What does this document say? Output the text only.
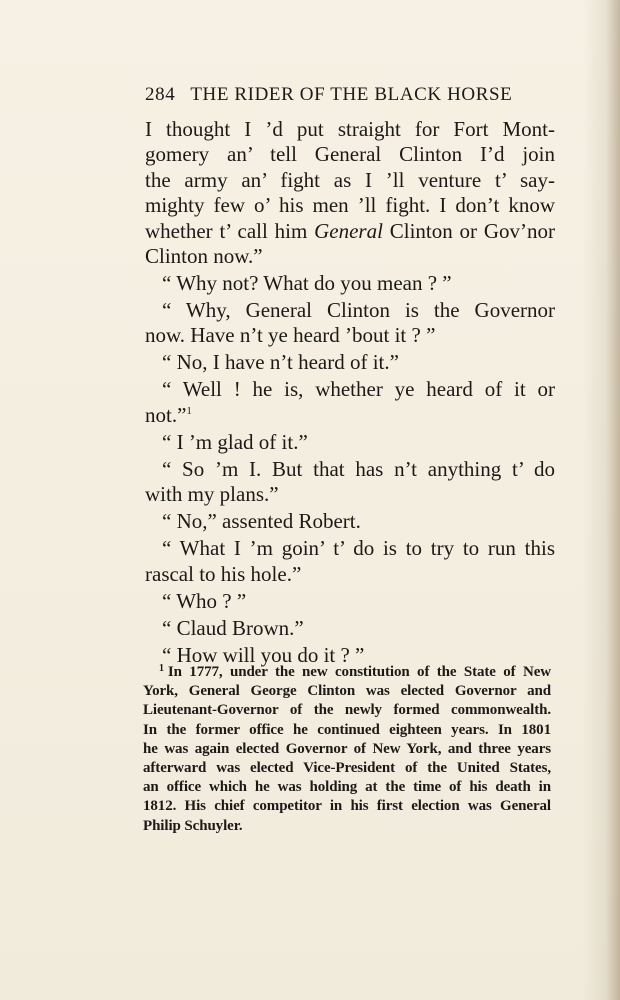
284 THE RIDER OF THE BLACK HORSE
I thought I ’d put straight for Fort Mont-
gomery an’ tell General Clinton I’d join
the army an’ fight as I ’ll venture t’ say-
mighty few o’ his men ’ll fight. I don’t know
whether t’ call him General Clinton or Gov’nor
Clinton now.”
“ Why not? What do you mean ? ”
“ Why, General Clinton is the Governor
now. Have n’t ye heard ’bout it ? ”
“ No, I have n’t heard of it.”
“ Well ! he is, whether ye heard of it or
not.”$^1$
“ I ’m glad of it.”
“ So ’m I. But that has n’t anything t’ do
with my plans.”
“ No,” assented Robert.
“ What I ’m goin’ t’ do is to try to run this
rascal to his hole.”
“ Who ? ”
“ Claud Brown.”
“ How will you do it ? ”
$^1$ In 1777, under the new constitution of the State of New
York, General George Clinton was elected Governor and
Lieutenant-Governor of the newly formed commonwealth.
In the former office he continued eighteen years. In 1801
he was again elected Governor of New York, and three years
afterward was elected Vice-President of the United States,
an office which he was holding at the time of his death in
1812. His chief competitor in his first election was General
Philip Schuyler.
